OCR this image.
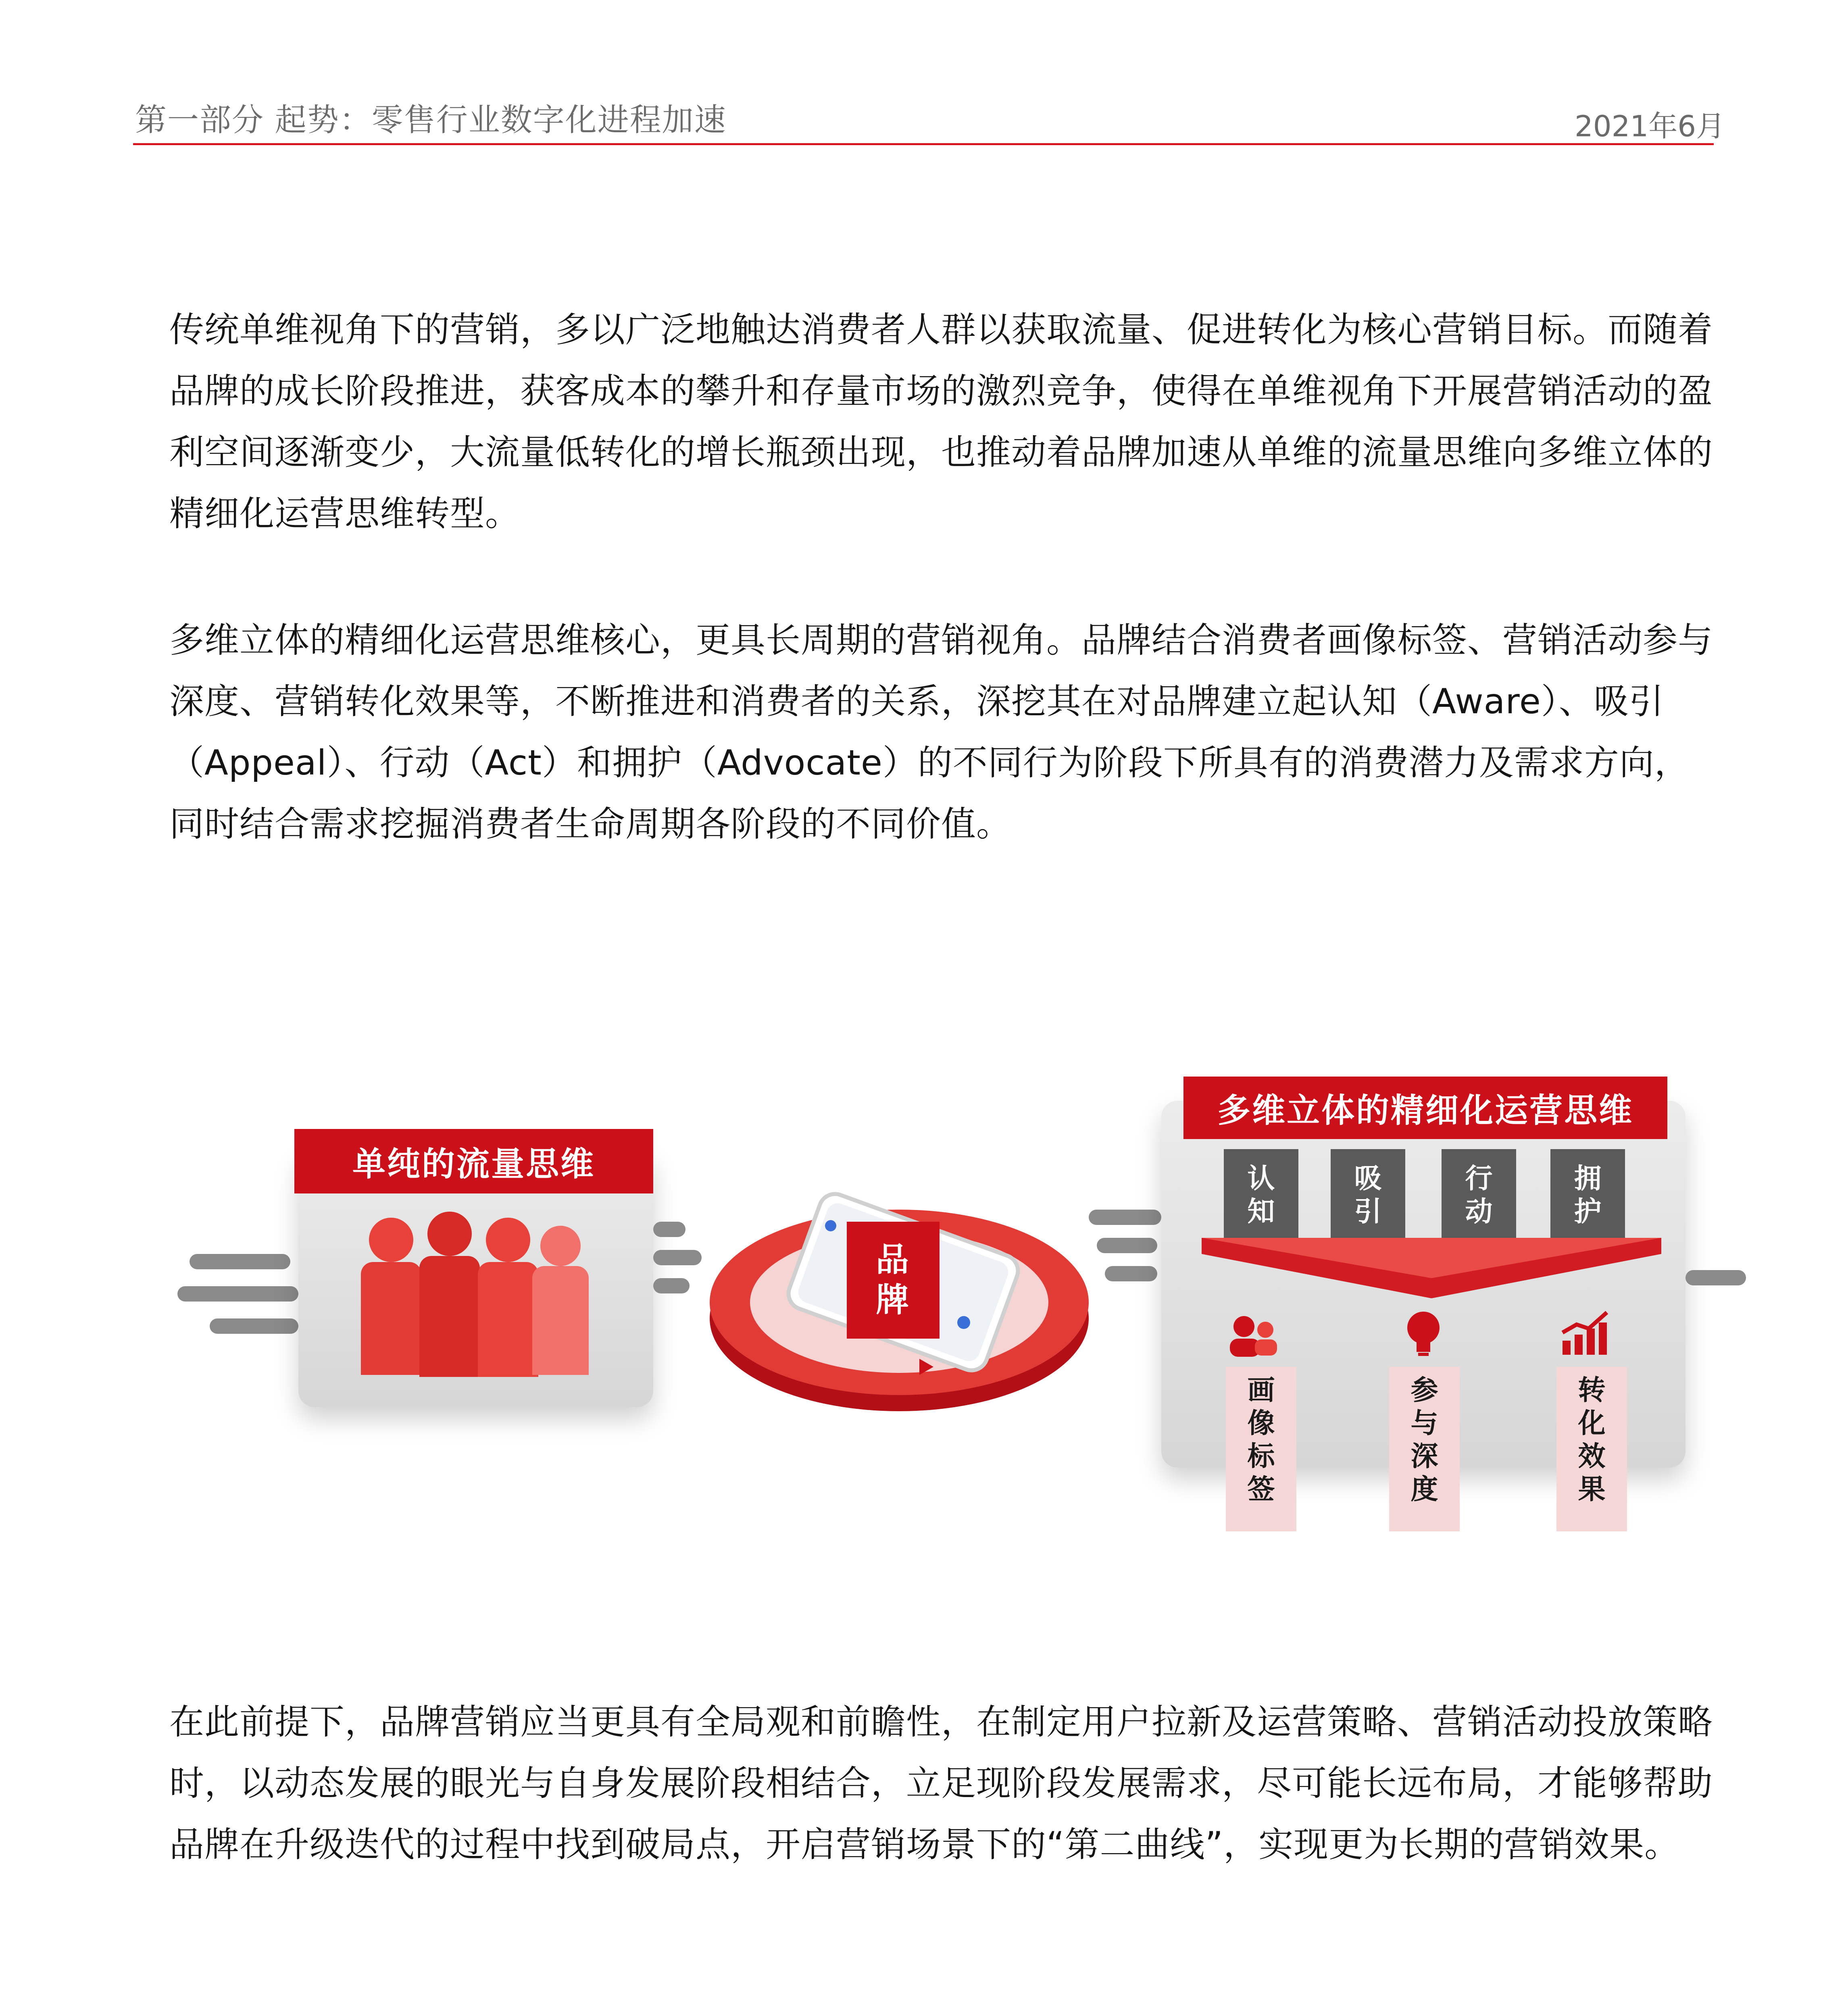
第一部分 起势：零售行业数字化进程加速	2021年6月
传统单维视角下的营销，多以广泛地触达消费者人群以获取流量、促进转化为核心营销目标。而随着
品牌的成长阶段推进，获客成本的攀升和存量市场的激烈竞争，使得在单维视角下开展营销活动的盈
利空间逐渐变少，大流量低转化的增长瓶颈出现，也推动着品牌加速从单维的流量思维向多维立体的
精细化运营思维转型。
多维立体的精细化运营思维核心，更具长周期的营销视角。品牌结合消费者画像标签、营销活动参与
深度、营销转化效果等，不断推进和消费者的关系，深挖其在对品牌建立起认知（Aware）、吸引
（Appeal）、行动（Act）和拥护（Advocate）的不同行为阶段下所具有的消费潜力及需求方向，
同时结合需求挖掘消费者生命周期各阶段的不同价值。
单纯的流量思维
品牌
多维立体的精细化运营思维
认知
吸引
行动
拥护
画像标签
参与深度
转化效果
在此前提下，品牌营销应当更具有全局观和前瞻性，在制定用户拉新及运营策略、营销活动投放策略
时，以动态发展的眼光与自身发展阶段相结合，立足现阶段发展需求，尽可能长远布局，才能够帮助
品牌在升级迭代的过程中找到破局点，开启营销场景下的“第二曲线”，实现更为长期的营销效果。
